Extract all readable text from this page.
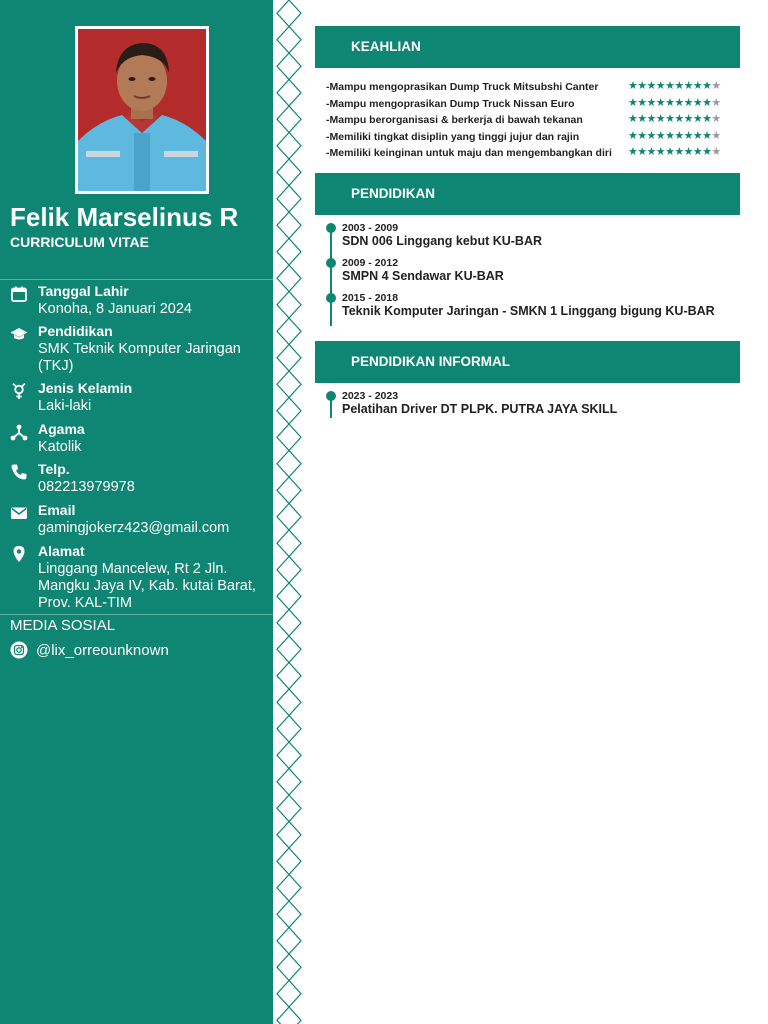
Felik Marselinus R
CURRICULUM VITAE
Tanggal Lahir
Konoha, 8 Januari 2024
Pendidikan
SMK Teknik Komputer Jaringan (TKJ)
Jenis Kelamin
Laki-laki
Agama
Katolik
Telp.
082213979978
Email
gamingjokerz423@gmail.com
Alamat
Linggang Mancelew, Rt 2 Jln. Mangku Jaya IV, Kab. kutai Barat, Prov. KAL-TIM
MEDIA SOSIAL
@lix_orreounknown
KEAHLIAN
-Mampu mengoprasikan Dump Truck Mitsubshi Canter	★★★★★★★★★★
-Mampu mengoprasikan Dump Truck Nissan Euro	★★★★★★★★★★
-Mampu berorganisasi & berkerja di bawah tekanan	★★★★★★★★★★
-Memiliki tingkat disiplin yang tinggi jujur dan rajin	★★★★★★★★★★
-Memiliki keinginan untuk maju dan mengembangkan diri ★★★★★★★★★★
PENDIDIKAN
2003 - 2009
SDN 006 Linggang kebut KU-BAR
2009 - 2012
SMPN 4 Sendawar KU-BAR
2015 - 2018
Teknik Komputer Jaringan - SMKN 1 Linggang bigung KU-BAR
PENDIDIKAN INFORMAL
2023 - 2023
Pelatihan Driver DT PLPK. PUTRA JAYA SKILL
